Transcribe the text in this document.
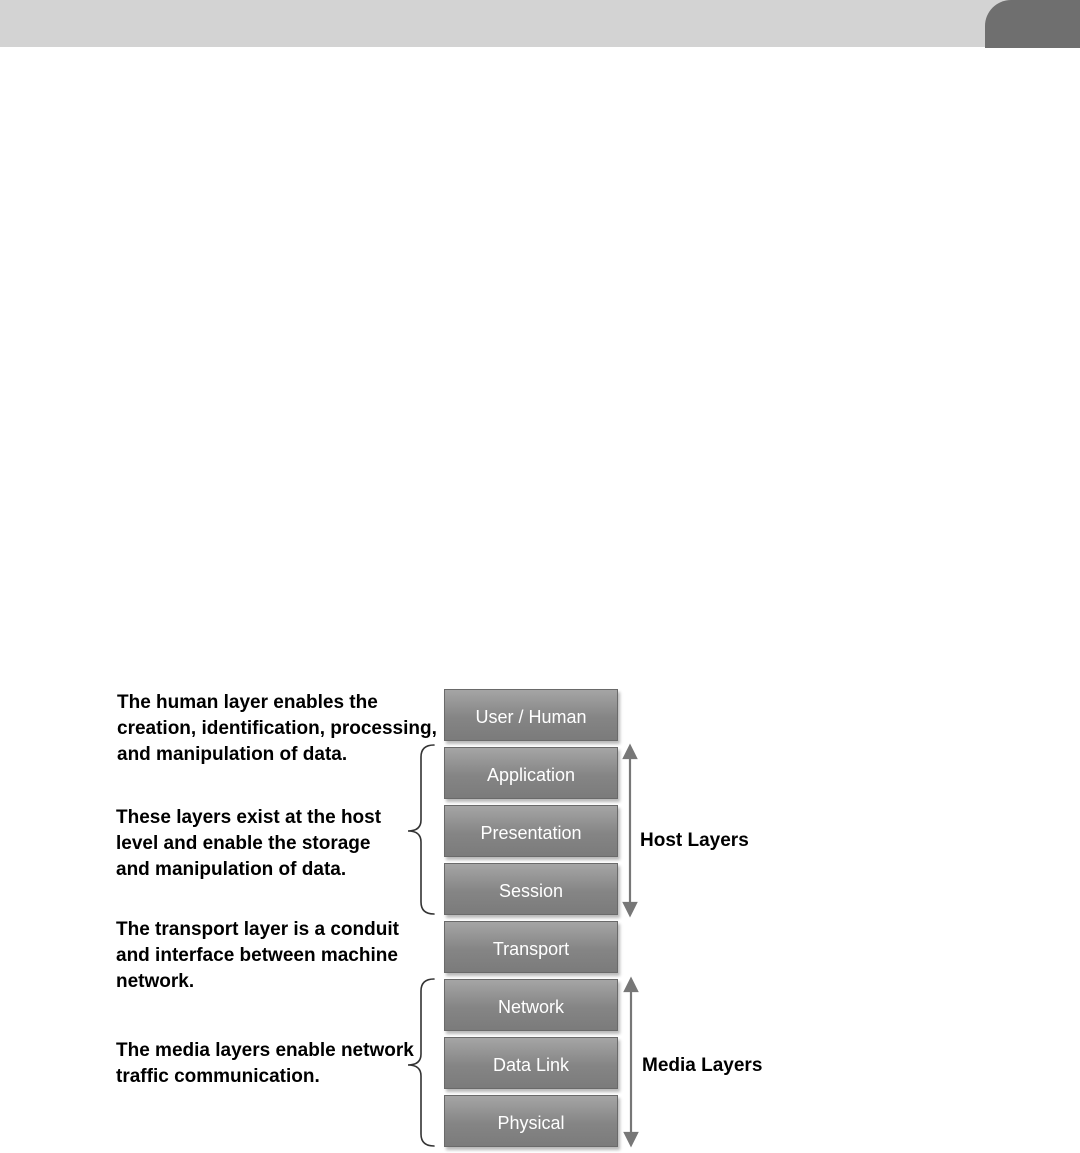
User / Human
Application
Presentation
Session
Transport
Network
Data Link
Physical

The human layer enables the
creation, identification, processing,
and manipulation of data.

These layers exist at the host
level and enable the storage
and manipulation of data.

The transport layer is a conduit
and interface between machine
network.

The media layers enable network
traffic communication.

Host Layers
Media Layers
